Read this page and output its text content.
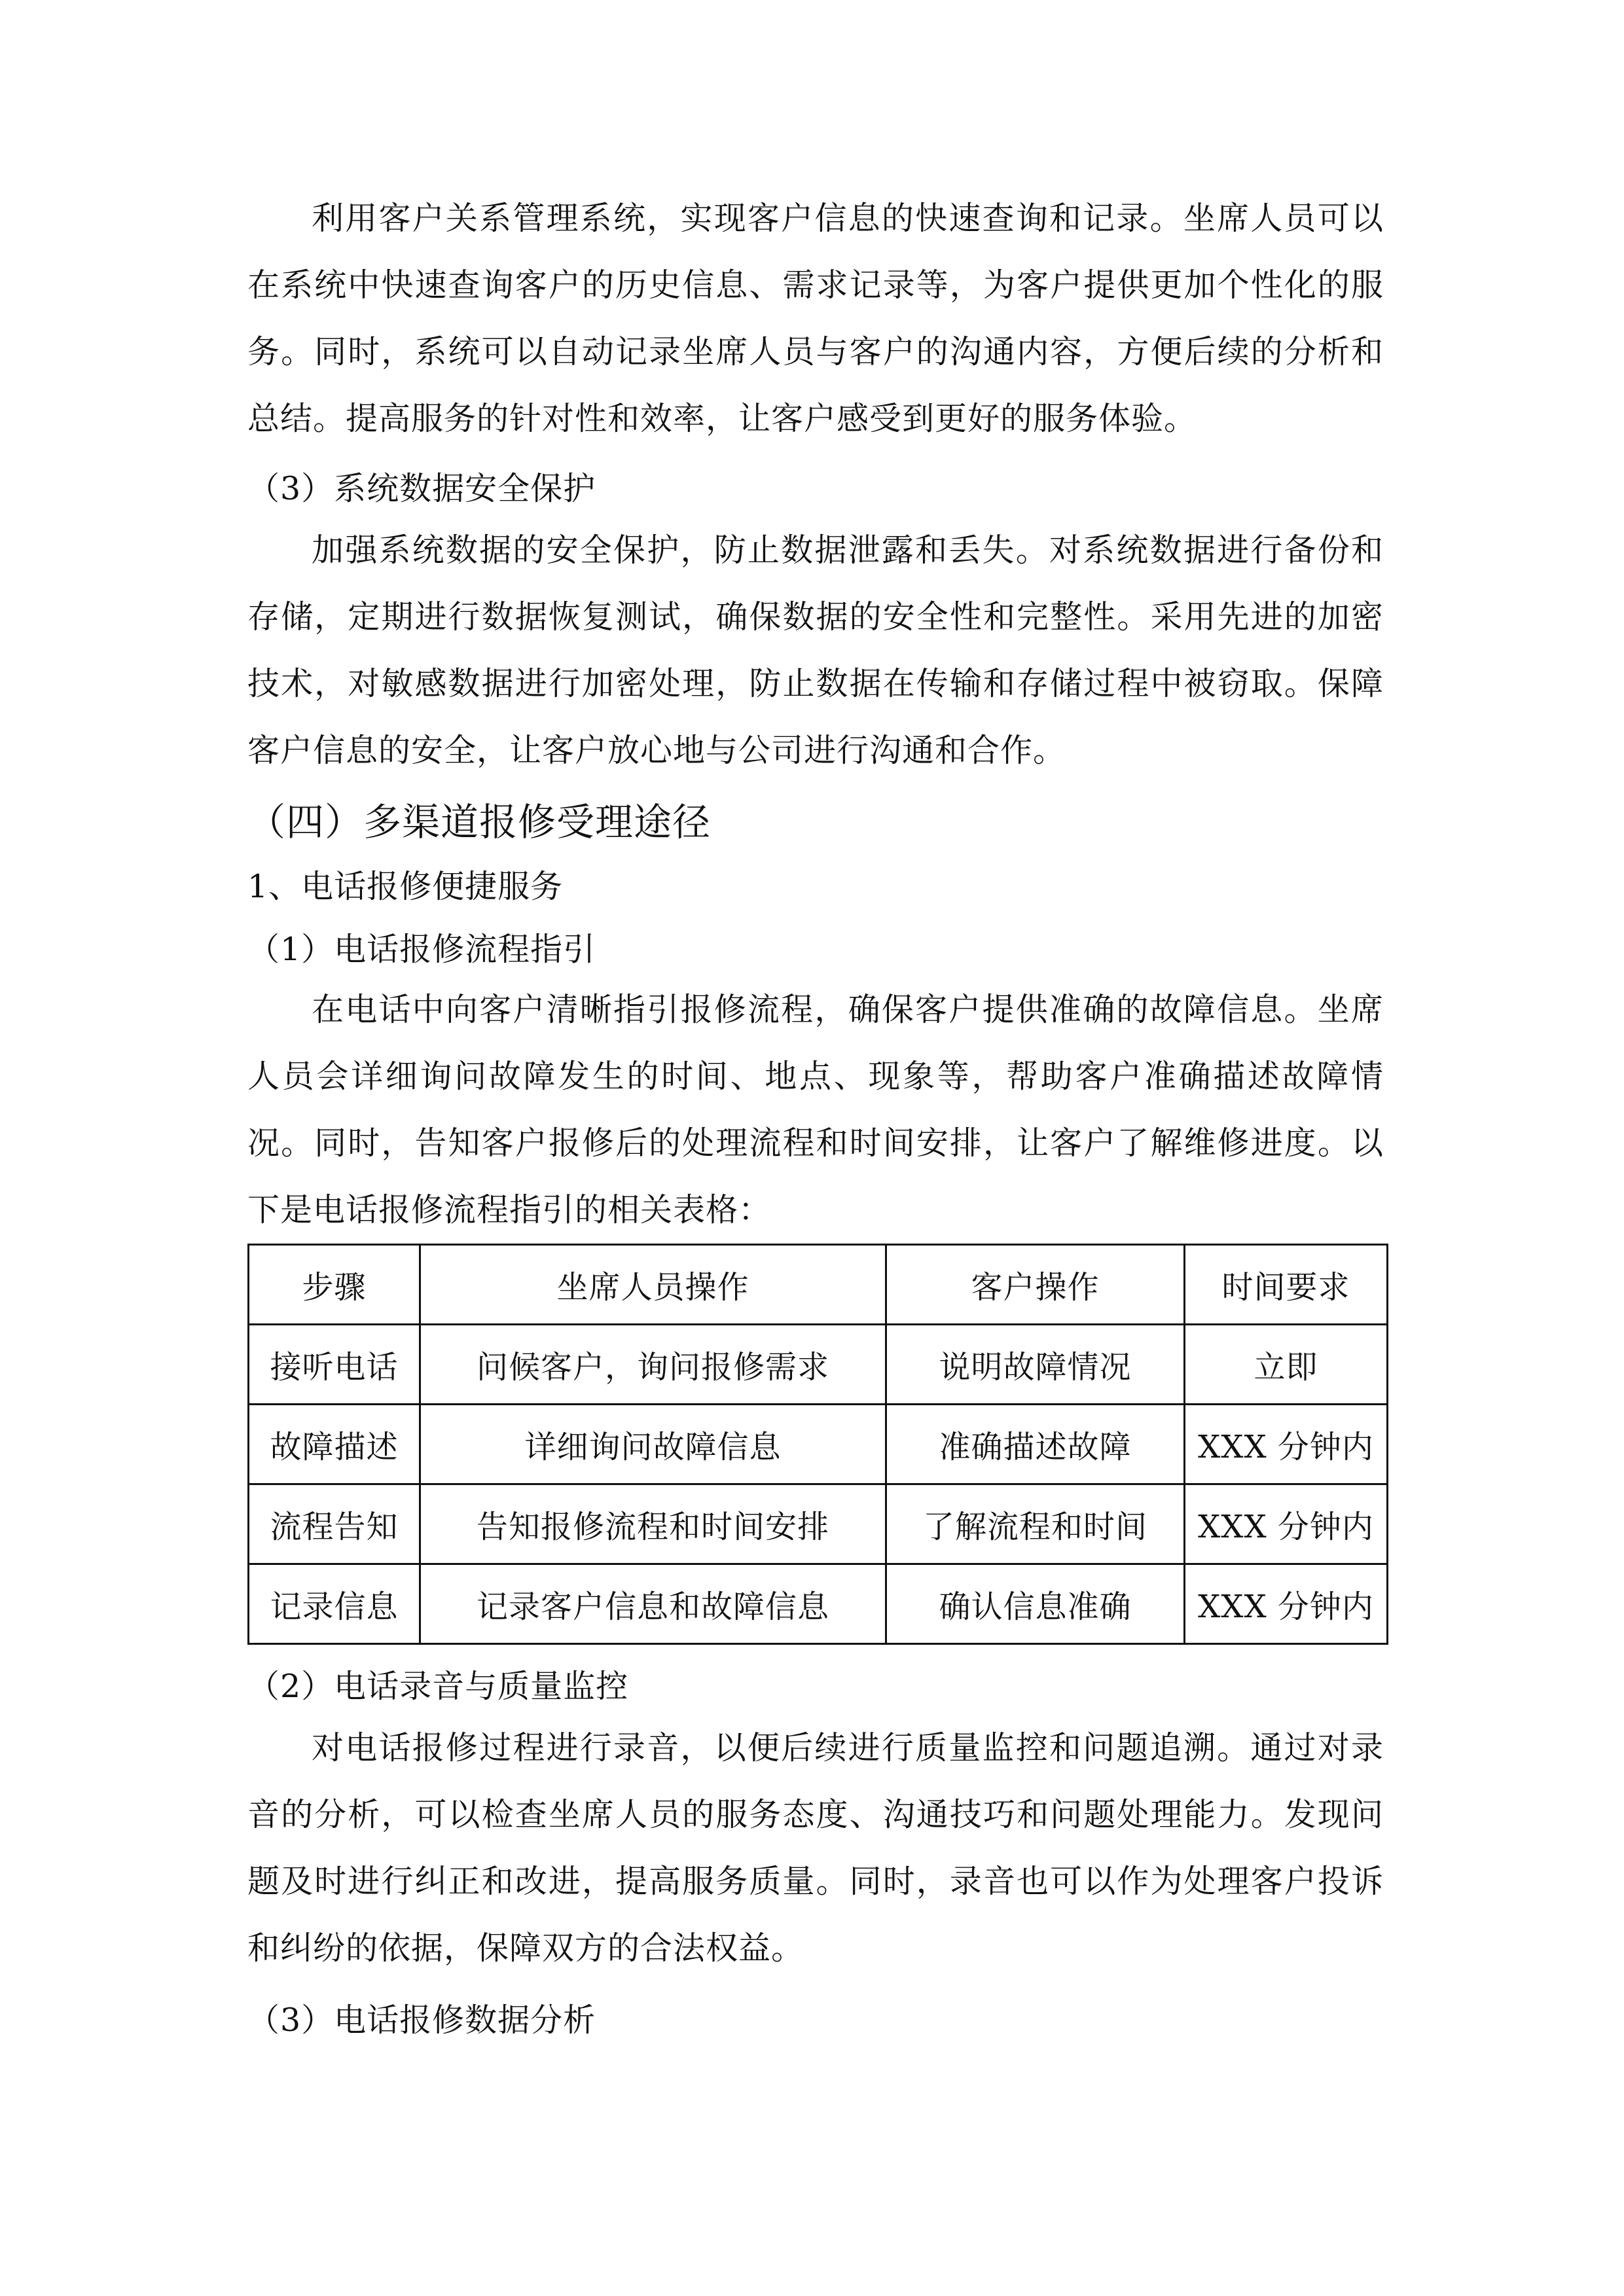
利用客户关系管理系统，实现客户信息的快速查询和记录。坐席人员可以在系统中快速查询客户的历史信息、需求记录等，为客户提供更加个性化的服务。同时，系统可以自动记录坐席人员与客户的沟通内容，方便后续的分析和总结。提高服务的针对性和效率，让客户感受到更好的服务体验。

（3）系统数据安全保护

加强系统数据的安全保护，防止数据泄露和丢失。对系统数据进行备份和存储，定期进行数据恢复测试，确保数据的安全性和完整性。采用先进的加密技术，对敏感数据进行加密处理，防止数据在传输和存储过程中被窃取。保障客户信息的安全，让客户放心地与公司进行沟通和合作。

（四）多渠道报修受理途径
1、电话报修便捷服务
（1）电话报修流程指引

在电话中向客户清晰指引报修流程，确保客户提供准确的故障信息。坐席人员会详细询问故障发生的时间、地点、现象等，帮助客户准确描述故障情况。同时，告知客户报修后的处理流程和时间安排，让客户了解维修进度。以下是电话报修流程指引的相关表格：

步骤	坐席人员操作	客户操作	时间要求
接听电话	问候客户，询问报修需求	说明故障情况	立即
故障描述	详细询问故障信息	准确描述故障	XXX 分钟内
流程告知	告知报修流程和时间安排	了解流程和时间	XXX 分钟内
记录信息	记录客户信息和故障信息	确认信息准确	XXX 分钟内
（2）电话录音与质量监控

对电话报修过程进行录音，以便后续进行质量监控和问题追溯。通过对录音的分析，可以检查坐席人员的服务态度、沟通技巧和问题处理能力。发现问题及时进行纠正和改进，提高服务质量。同时，录音也可以作为处理客户投诉和纠纷的依据，保障双方的合法权益。

（3）电话报修数据分析
